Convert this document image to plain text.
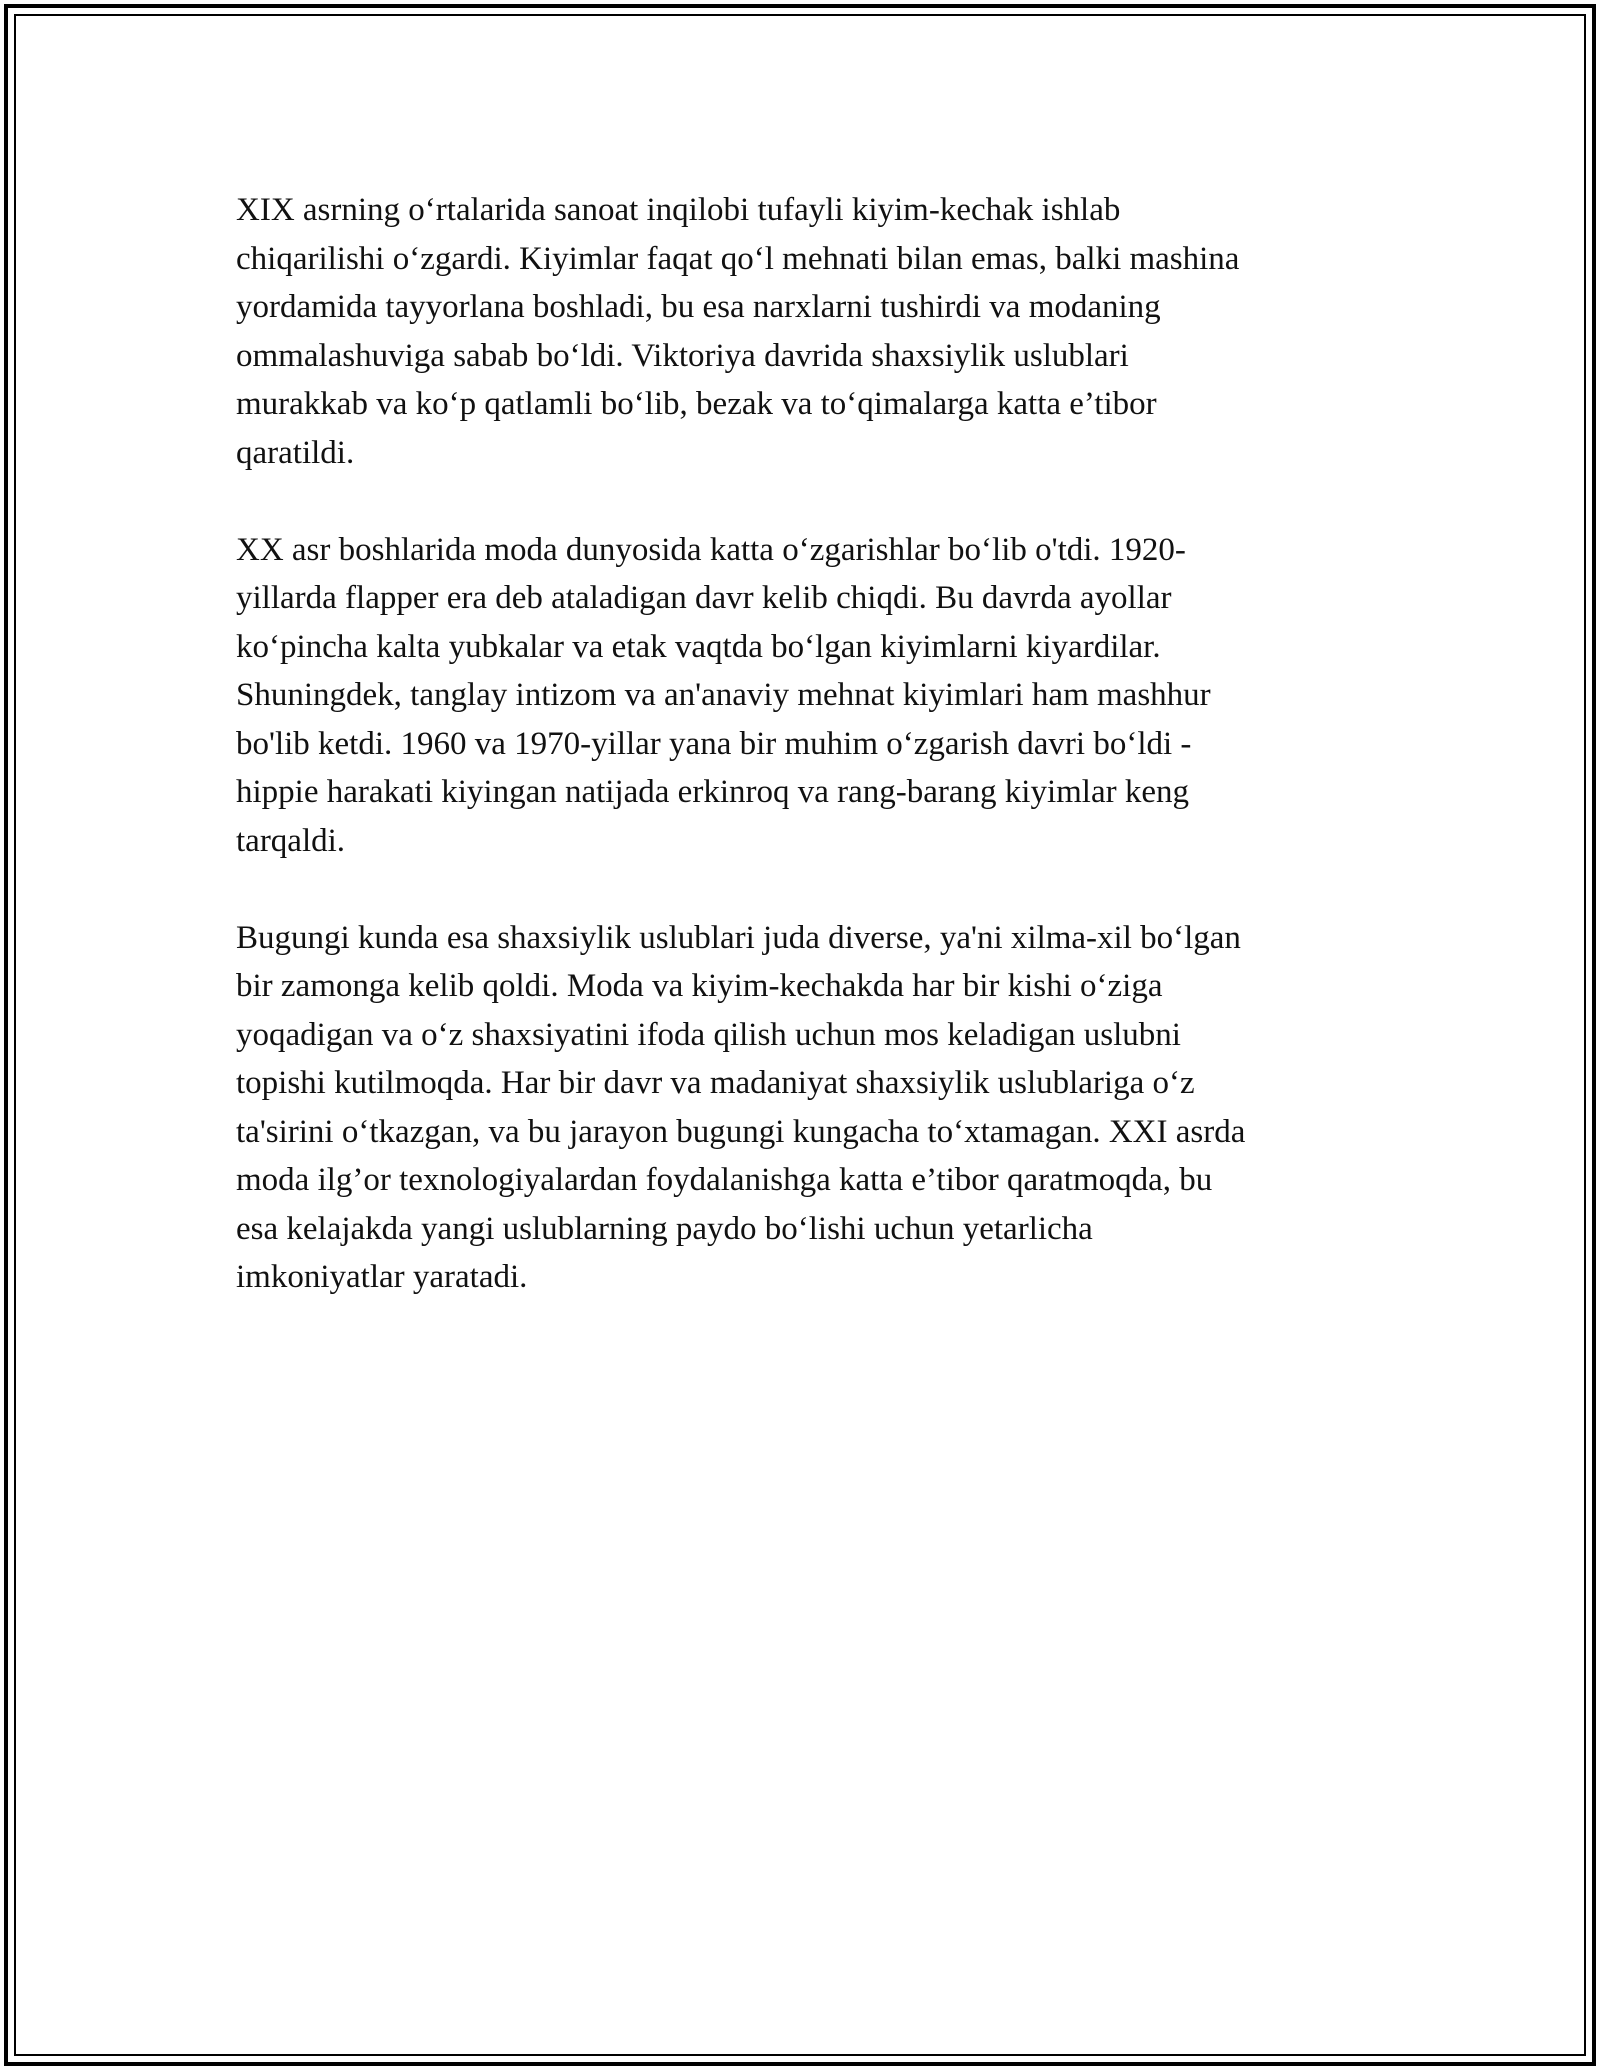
XIX asrning o‘rtalarida sanoat inqilobi tufayli kiyim-kechak ishlab
chiqarilishi o‘zgardi. Kiyimlar faqat qo‘l mehnati bilan emas, balki mashina
yordamida tayyorlana boshladi, bu esa narxlarni tushirdi va modaning
ommalashuviga sabab bo‘ldi. Viktoriya davrida shaxsiylik uslublari
murakkab va ko‘p qatlamli bo‘lib, bezak va to‘qimalarga katta e’tibor
qaratildi.

XX asr boshlarida moda dunyosida katta o‘zgarishlar bo‘lib o'tdi. 1920-
yillarda flapper era deb ataladigan davr kelib chiqdi. Bu davrda ayollar
ko‘pincha kalta yubkalar va etak vaqtda bo‘lgan kiyimlarni kiyardilar.
Shuningdek, tanglay intizom va an'anaviy mehnat kiyimlari ham mashhur
bo'lib ketdi. 1960 va 1970-yillar yana bir muhim o‘zgarish davri bo‘ldi -
hippie harakati kiyingan natijada erkinroq va rang-barang kiyimlar keng
tarqaldi.

Bugungi kunda esa shaxsiylik uslublari juda diverse, ya'ni xilma-xil bo‘lgan
bir zamonga kelib qoldi. Moda va kiyim-kechakda har bir kishi o‘ziga
yoqadigan va o‘z shaxsiyatini ifoda qilish uchun mos keladigan uslubni
topishi kutilmoqda. Har bir davr va madaniyat shaxsiylik uslublariga o‘z
ta'sirini o‘tkazgan, va bu jarayon bugungi kungacha to‘xtamagan. XXI asrda
moda ilg’or texnologiyalardan foydalanishga katta e’tibor qaratmoqda, bu
esa kelajakda yangi uslublarning paydo bo‘lishi uchun yetarlicha
imkoniyatlar yaratadi.
